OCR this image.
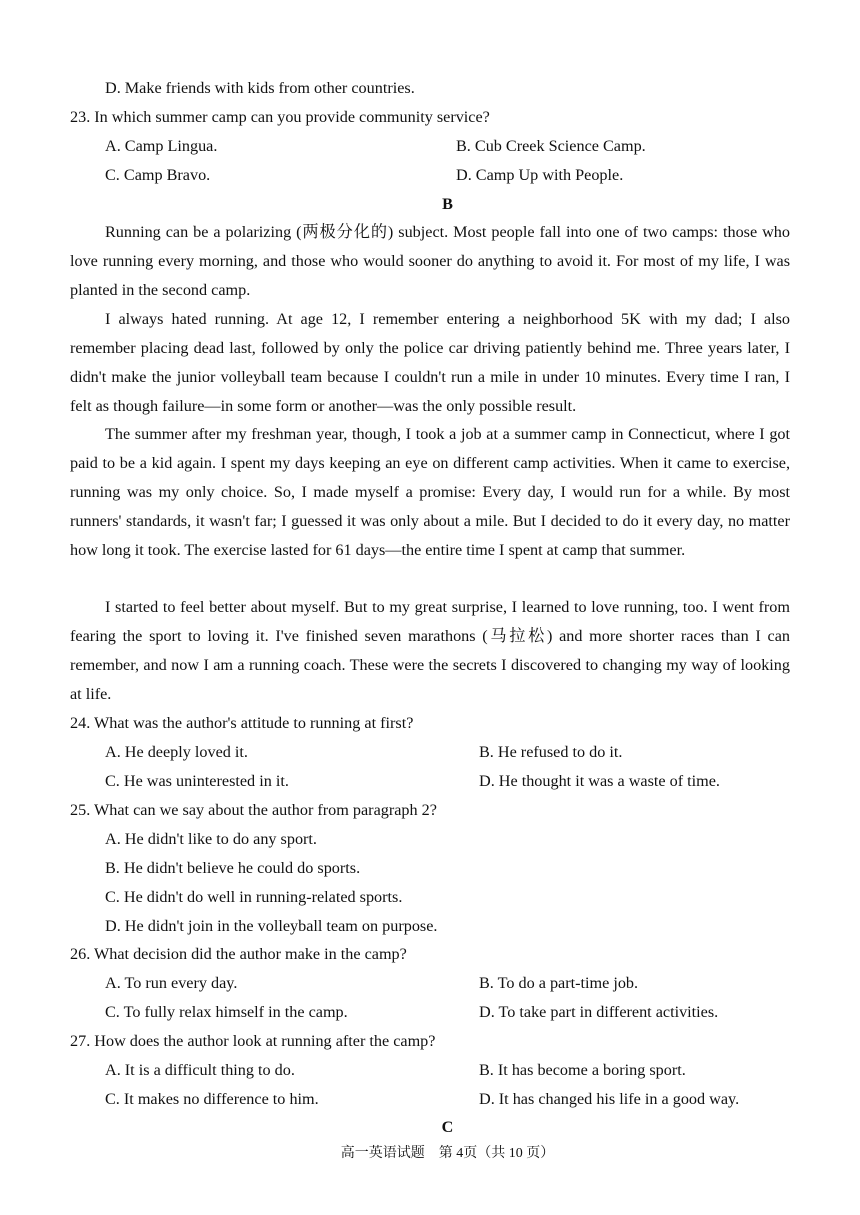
D. Make friends with kids from other countries.
23. In which summer camp can you provide community service?
A. Camp Lingua.	B. Cub Creek Science Camp.
C. Camp Bravo.	D. Camp Up with People.
B
Running can be a polarizing (两极分化的) subject. Most people fall into one of two camps: those who love running every morning, and those who would sooner do anything to avoid it. For most of my life, I was planted in the second camp.
I always hated running. At age 12, I remember entering a neighborhood 5K with my dad; I also remember placing dead last, followed by only the police car driving patiently behind me. Three years later, I didn't make the junior volleyball team because I couldn't run a mile in under 10 minutes. Every time I ran, I felt as though failure—in some form or another—was the only possible result.
The summer after my freshman year, though, I took a job at a summer camp in Connecticut, where I got paid to be a kid again. I spent my days keeping an eye on different camp activities. When it came to exercise, running was my only choice. So, I made myself a promise: Every day, I would run for a while. By most runners' standards, it wasn't far; I guessed it was only about a mile. But I decided to do it every day, no matter how long it took. The exercise lasted for 61 days—the entire time I spent at camp that summer.
I started to feel better about myself. But to my great surprise, I learned to love running, too. I went from fearing the sport to loving it. I've finished seven marathons (马拉松) and more shorter races than I can remember, and now I am a running coach. These were the secrets I discovered to changing my way of looking at life.
24. What was the author's attitude to running at first?
A. He deeply loved it.	B. He refused to do it.
C. He was uninterested in it.	D. He thought it was a waste of time.
25. What can we say about the author from paragraph 2?
A. He didn't like to do any sport.
B. He didn't believe he could do sports.
C. He didn't do well in running-related sports.
D. He didn't join in the volleyball team on purpose.
26. What decision did the author make in the camp?
A. To run every day.	B. To do a part-time job.
C. To fully relax himself in the camp.	D. To take part in different activities.
27. How does the author look at running after the camp?
A. It is a difficult thing to do.	B. It has become a boring sport.
C. It makes no difference to him.	D. It has changed his life in a good way.
C
高一英语试题　第 4页（共 10 页）
